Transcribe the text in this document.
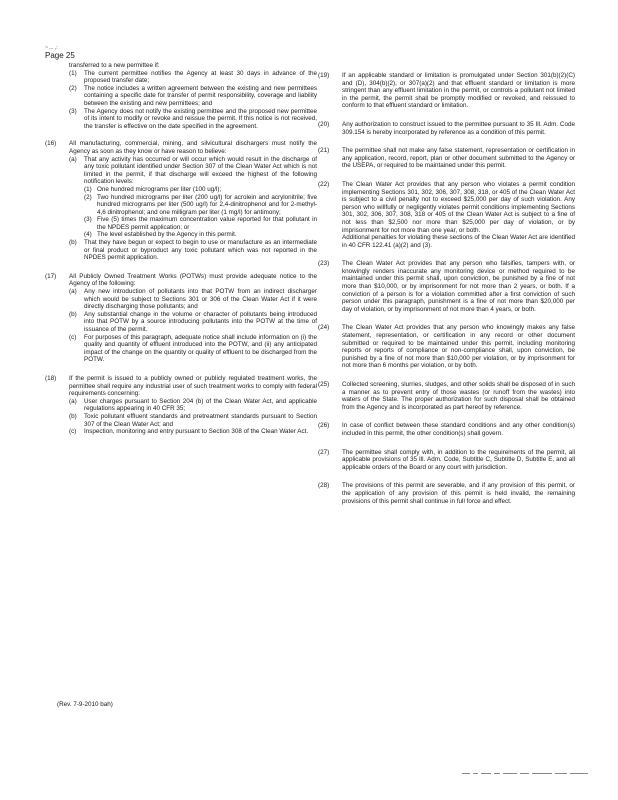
~ ,.. ,:
Page 25
transferred to a new permittee if:
(1) The current permittee notifies the Agency at least 30 days in advance of the proposed transfer date;
(2) The notice includes a written agreement between the existing and new permittees containing a specific date for transfer of permit responsibility, coverage and liability between the existing and new permittees; and
(3) The Agency does not notify the existing permittee and the proposed new permittee of its intent to modify or revoke and reissue the permit. If this notice is not received, the transfer is effective on the date specified in the agreement.
(16) All manufacturing, commercial, mining, and silvicultural dischargers must notify the Agency as soon as they know or have reason to believe:
(a) That any activity has occurred or will occur which would result in the discharge of any toxic pollutant identified under Section 307 of the Clean Water Act which is not limited in the permit, if that discharge will exceed the highest of the following notification levels:
(1) One hundred micrograms per liter (100 ug/l);
(2) Two hundred micrograms per liter (200 ug/l) for acrolein and acrylonitrile; five hundred micrograms per liter (500 ug/l) for 2,4-dinitrophenol and for 2-methyl-4,6 dinitrophenol; and one milligram per liter (1 mg/l) for antimony;
(3) Five (5) times the maximum concentration value reported for that pollutant in the NPDES permit application; or
(4) The level established by the Agency in this permit.
(b) That they have begun or expect to begin to use or manufacture as an intermediate or final product or byproduct any toxic pollutant which was not reported in the NPDES permit application.
(17) All Publicly Owned Treatment Works (POTWs) must provide adequate notice to the Agency of the following:
(a) Any new introduction of pollutants into that POTW from an indirect discharger which would be subject to Sections 301 or 306 of the Clean Water Act if it were directly discharging those pollutants; and
(b) Any substantial change in the volume or character of pollutants being introduced into that POTW by a source introducing pollutants into the POTW at the time of issuance of the permit.
(c) For purposes of this paragraph, adequate notice shall include information on (i) the quality and quantity of effluent introduced into the POTW, and (ii) any anticipated impact of the change on the quantity or quality of effluent to be discharged from the POTW.
(18) If the permit is issued to a publicly owned or publicly regulated treatment works, the permittee shall require any industrial user of such treatment works to comply with federal requirements concerning:
(a) User charges pursuant to Section 204 (b) of the Clean Water Act, and applicable regulations appearing in 40 CFR 35;
(b) Toxic pollutant effluent standards and pretreatment standards pursuant to Section 307 of the Clean Water Act; and
(c) Inspection, monitoring and entry pursuant to Section 308 of the Clean Water Act.
(19) If an applicable standard or limitation is promulgated under Section 301(b)(2)(C) and (D), 304(b)(2), or 307(a)(2) and that effluent standard or limitation is more stringent than any effluent limitation in the permit, or controls a pollutant not limited in the permit, the permit shall be promptly modified or revoked, and reissued to conform to that effluent standard or limitation.
(20) Any authorization to construct issued to the permittee pursuant to 35 Ill. Adm. Code 309.154 is hereby incorporated by reference as a condition of this permit.
(21) The permittee shall not make any false statement, representation or certification in any application, record, report, plan or other document submitted to the Agency or the USEPA, or required to be maintained under this permit.
(22) The Clean Water Act provides that any person who violates a permit condition implementing Sections 301, 302, 306, 307, 308, 318, or 405 of the Clean Water Act is subject to a civil penalty not to exceed $25,000 per day of such violation. Any person who willfully or negligently violates permit conditions implementing Sections 301, 302, 306, 307, 308, 318 or 405 of the Clean Water Act is subject to a fine of not less than $2,500 nor more than $25,000 per day of violation, or by imprisonment for not more than one year, or both.
Additional penalties for violating these sections of the Clean Water Act are identified in 40 CFR 122.41 (a)(2) and (3).
(23) The Clean Water Act provides that any person who falsifies, tampers with, or knowingly renders inaccurate any monitoring device or method required to be maintained under this permit shall, upon conviction, be punished by a fine of not more than $10,000, or by imprisonment for not more than 2 years, or both. If a conviction of a person is for a violation committed after a first conviction of such person under this paragraph, punishment is a fine of not more than $20,000 per day of violation, or by imprisonment of not more than 4 years, or both.
(24) The Clean Water Act provides that any person who knowingly makes any false statement, representation, or certification in any record or other document submitted or required to be maintained under this permit, including monitoring reports or reports of compliance or non-compliance shall, upon conviction, be punished by a fine of not more than $10,000 per violation, or by imprisonment for not more than 6 months per violation, or by both.
(25) Collected screening, slurries, sludges, and other solids shall be disposed of in such a manner as to prevent entry of those wastes (or runoff from the wastes) into waters of the State. The proper authorization for such disposal shall be obtained from the Agency and is incorporated as part hereof by reference.
(26) In case of conflict between these standard conditions and any other condition(s) included in this permit, the other condition(s) shall govern.
(27) The permittee shall comply with, in addition to the requirements of the permit, all applicable provisions of 35 Ill. Adm. Code, Subtitle C, Subtitle D, Subtitle E, and all applicable orders of the Board or any court with jurisdiction.
(28) The provisions of this permit are severable, and if any provision of this permit, or the application of any provision of this permit is held invalid, the remaining provisions of this permit shall continue in full force and effect.
(Rev. 7-9-2010 bah)
